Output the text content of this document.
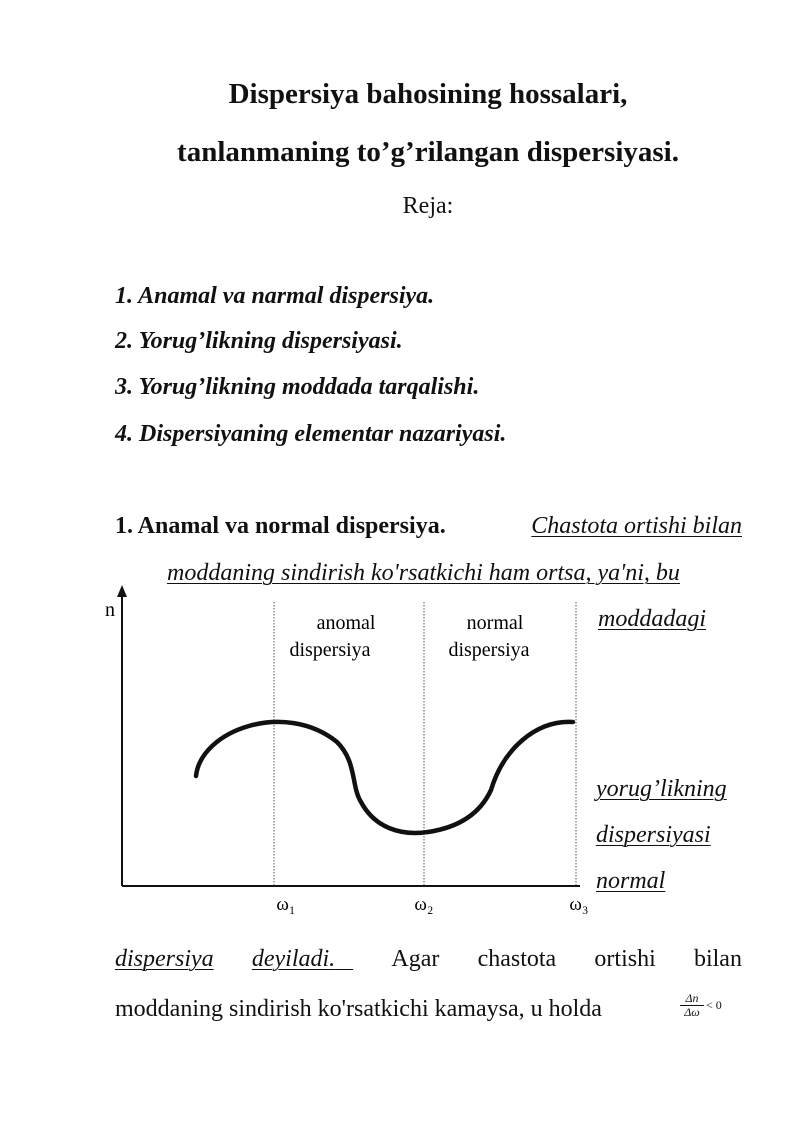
Dispersiya bahosining hossalari,
tanlanmaning to’g’rilangan dispersiyasi.
Reja:
1. Anamal va narmal dispersiya.
2. Yorug’likning dispersiyasi.
3. Yorug’likning moddada tarqalishi.
4. Dispersiyaning elementar nazariyasi.
1. Anamal va normal dispersiya.	Chastota ortishi bilan
moddaning sindirish ko'rsatkichi ham ortsa, ya'ni, bu
moddadagi
yorug’likning
dispersiyasi
normal
n
anomal
dispersiya
normal
dispersiya
ω₁	ω₂	ω₃
dispersiya deyiladi.	Agar chastota ortishi bilan
moddaning sindirish ko'rsatkichi kamaysa, u holda	Δn
Δω < 0
